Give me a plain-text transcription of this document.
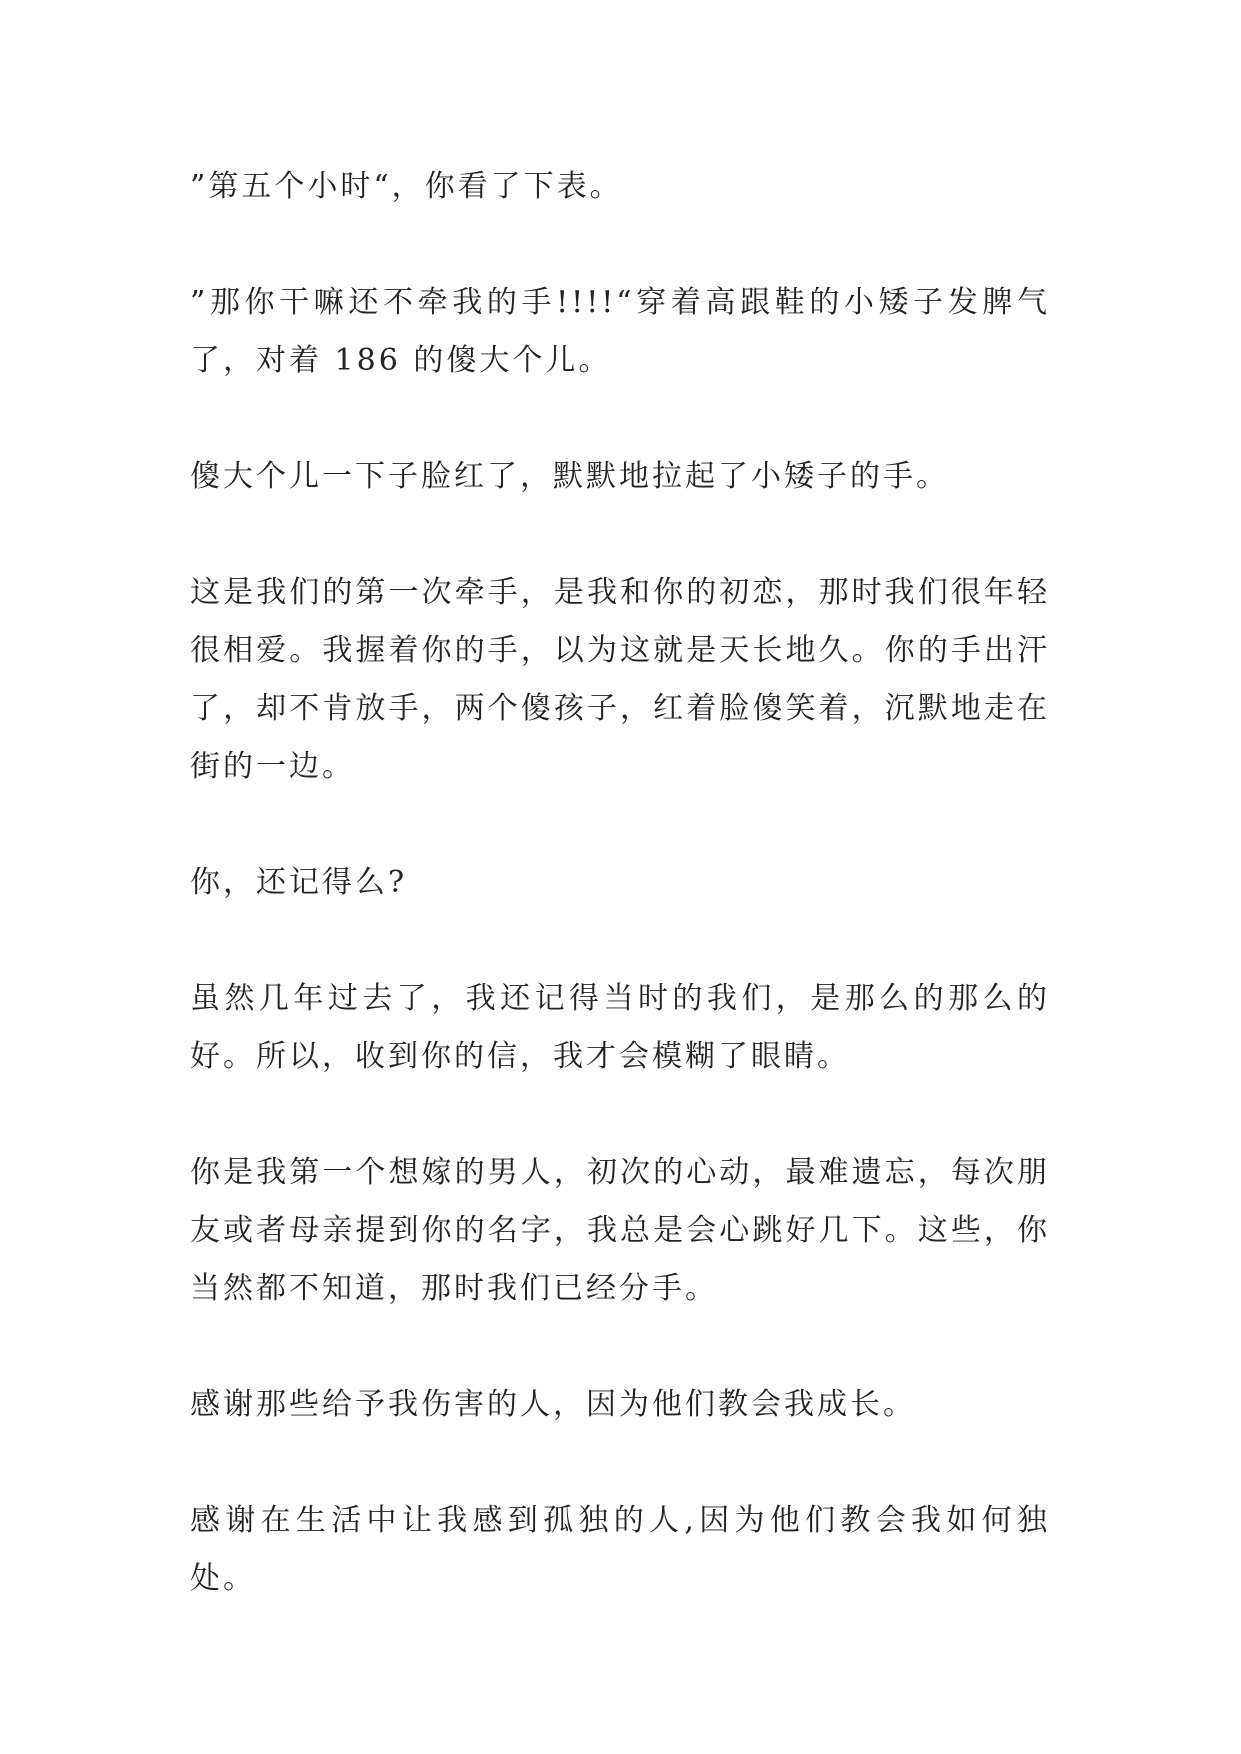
”第五个小时“，你看了下表。

”那你干嘛还不牵我的手!!!!“穿着高跟鞋的小矮子发脾气了，对着 186 的傻大个儿。

傻大个儿一下子脸红了，默默地拉起了小矮子的手。

这是我们的第一次牵手，是我和你的初恋，那时我们很年轻很相爱。我握着你的手，以为这就是天长地久。你的手出汗了，却不肯放手，两个傻孩子，红着脸傻笑着，沉默地走在街的一边。

你，还记得么?

虽然几年过去了，我还记得当时的我们，是那么的那么的好。所以，收到你的信，我才会模糊了眼睛。

你是我第一个想嫁的男人，初次的心动，最难遗忘，每次朋友或者母亲提到你的名字，我总是会心跳好几下。这些，你当然都不知道，那时我们已经分手。

感谢那些给予我伤害的人，因为他们教会我成长。

感谢在生活中让我感到孤独的人,因为他们教会我如何独处。
